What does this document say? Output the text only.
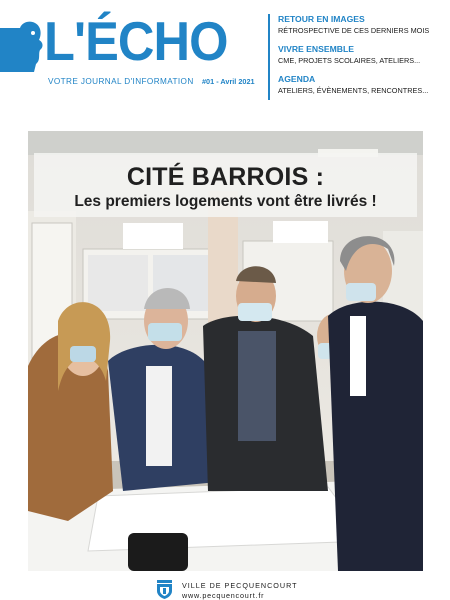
L'ÉCHO
VOTRE JOURNAL D'INFORMATION #01 - Avril 2021
RETOUR EN IMAGES
RÉTROSPECTIVE DE CES DERNIERS MOIS
VIVRE ENSEMBLE
CME, PROJETS SCOLAIRES, ATELIERS...
AGENDA
ATELIERS, ÉVÈNEMENTS, RENCONTRES...
CITÉ BARROIS :
Les premiers logements vont être livrés !
VILLE DE PECQUENCOURT
www.pecquencourt.fr
